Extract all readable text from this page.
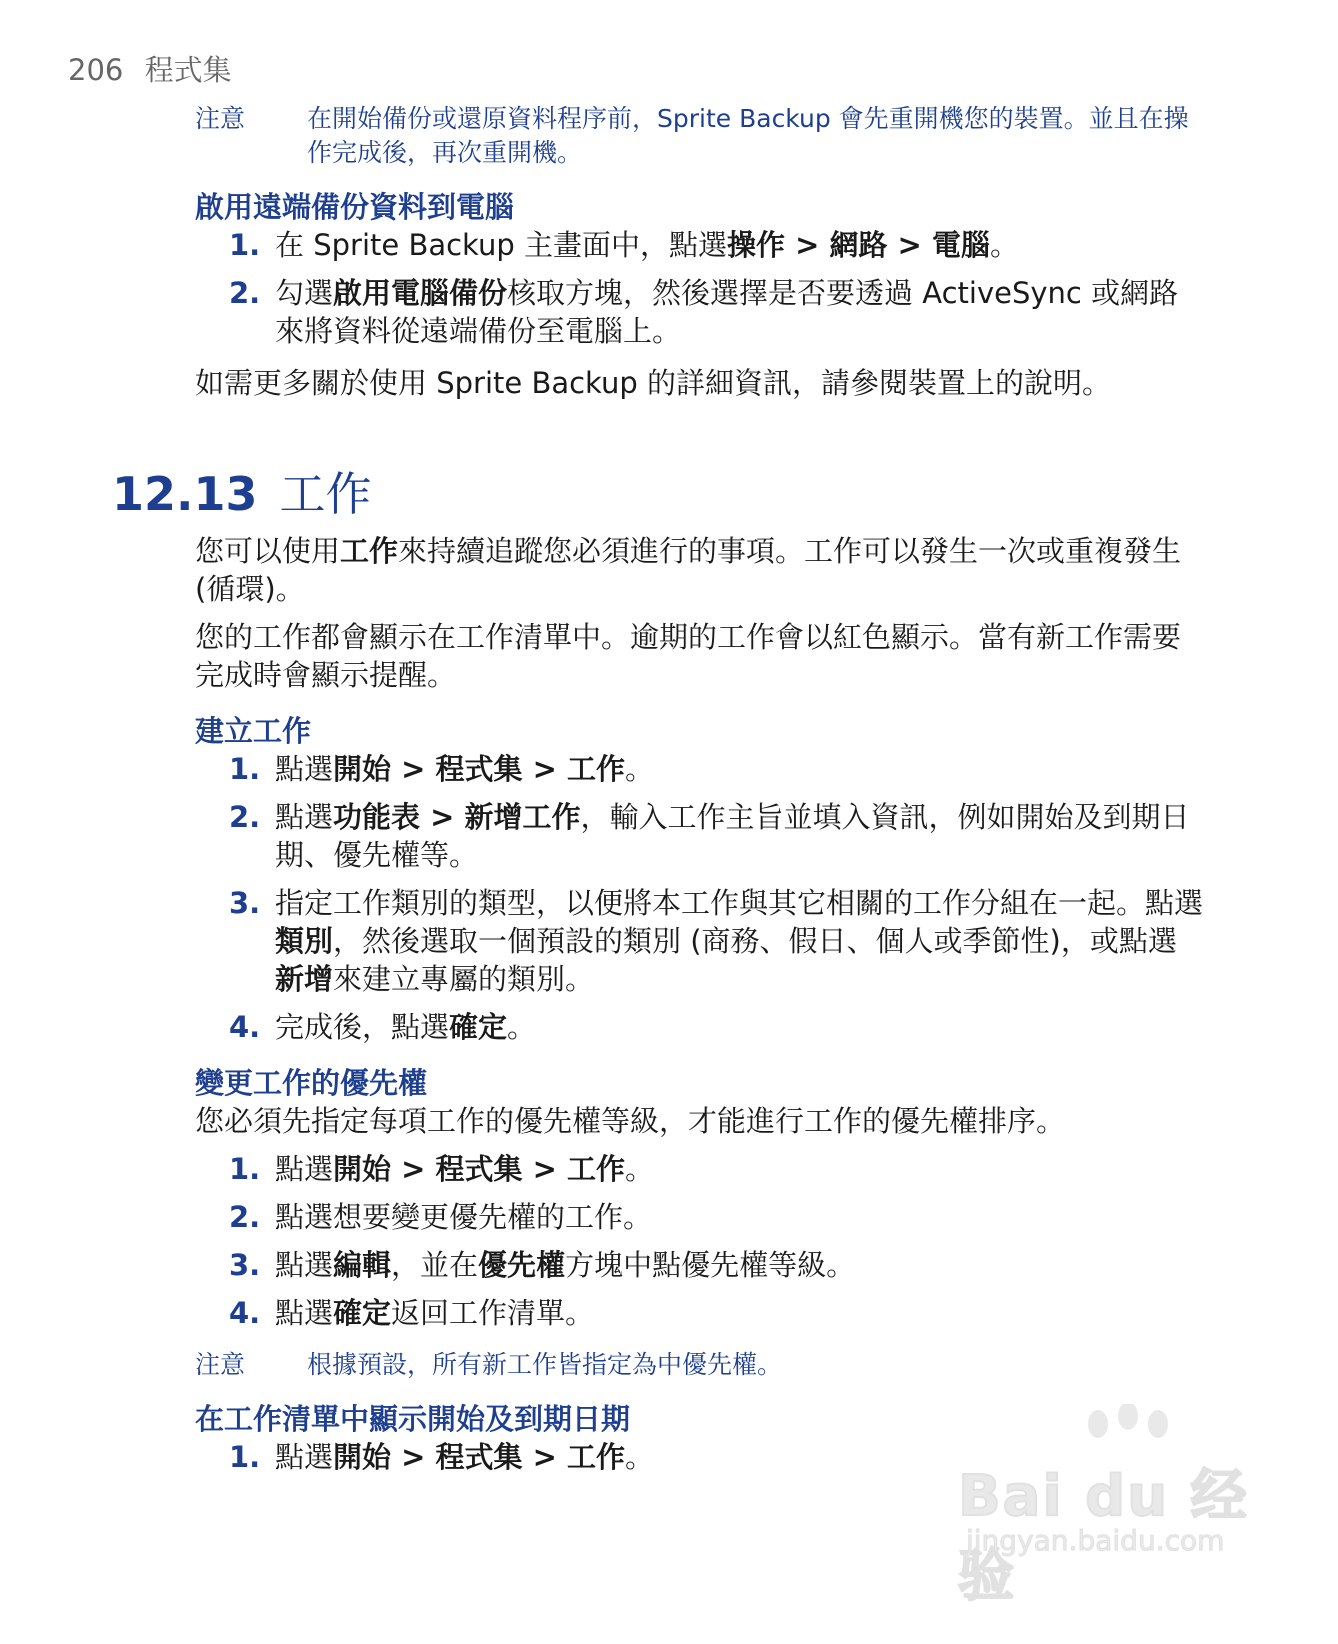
206 程式集
注意	在開始備份或還原資料程序前，Sprite Backup 會先重開機您的裝置。並且在操作完成後，再次重開機。
啟用遠端備份資料到電腦
1. 在 Sprite Backup 主畫面中，點選操作 > 網路 > 電腦。
2. 勾選啟用電腦備份核取方塊，然後選擇是否要透過 ActiveSync 或網路來將資料從遠端備份至電腦上。
如需更多關於使用 Sprite Backup 的詳細資訊，請參閱裝置上的說明。
12.13 工作
您可以使用工作來持續追蹤您必須進行的事項。工作可以發生一次或重複發生 (循環)。
您的工作都會顯示在工作清單中。逾期的工作會以紅色顯示。當有新工作需要完成時會顯示提醒。
建立工作
1. 點選開始 > 程式集 > 工作。
2. 點選功能表 > 新增工作，輸入工作主旨並填入資訊，例如開始及到期日期、優先權等。
3. 指定工作類別的類型，以便將本工作與其它相關的工作分組在一起。點選類別，然後選取一個預設的類別 (商務、假日、個人或季節性)，或點選新增來建立專屬的類別。
4. 完成後，點選確定。
變更工作的優先權
您必須先指定每項工作的優先權等級，才能進行工作的優先權排序。
1. 點選開始 > 程式集 > 工作。
2. 點選想要變更優先權的工作。
3. 點選編輯，並在優先權方塊中點優先權等級。
4. 點選確定返回工作清單。
注意	根據預設，所有新工作皆指定為中優先權。
在工作清單中顯示開始及到期日期
1. 點選開始 > 程式集 > 工作。
Bai du 经验
jingyan.baidu.com
